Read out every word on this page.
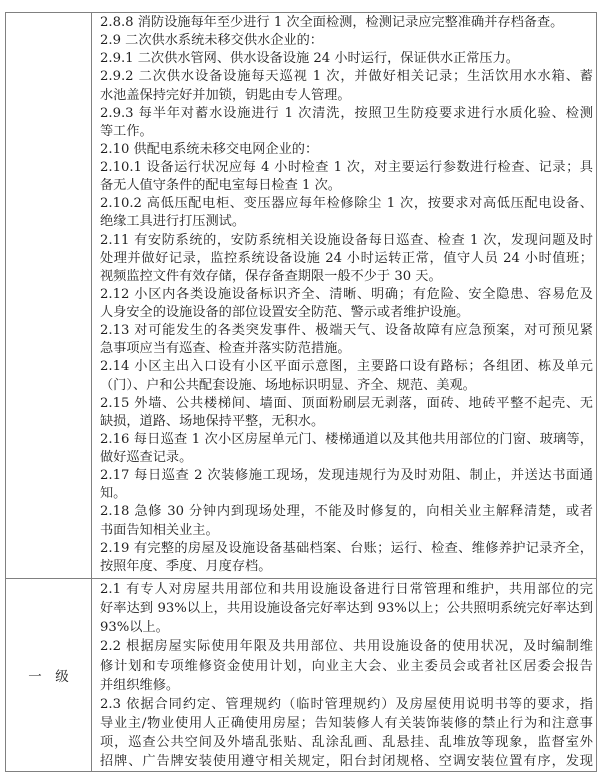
2.8.8 消防设施每年至少进行 1 次全面检测，检测记录应完整准确并存档备查。
2.9 二次供水系统未移交供水企业的：
2.9.1 二次供水管网、供水设备设施 24 小时运行，保证供水正常压力。
2.9.2 二次供水设备设施每天巡视 1 次，并做好相关记录；生活饮用水水箱、蓄
水池盖保持完好并加锁，钥匙由专人管理。
2.9.3 每半年对蓄水设施进行 1 次清洗，按照卫生防疫要求进行水质化验、检测
等工作。
2.10 供配电系统未移交电网企业的：
2.10.1 设备运行状况应每 4 小时检查 1 次，对主要运行参数进行检查、记录；具
备无人值守条件的配电室每日检查 1 次。
2.10.2 高低压配电柜、变压器应每年检修除尘 1 次，按要求对高低压配电设备、
绝缘工具进行打压测试。
2.11 有安防系统的，安防系统相关设施设备每日巡查、检查 1 次，发现问题及时
处理并做好记录，监控系统设备设施 24 小时运转正常，值守人员 24 小时值班；
视频监控文件有效存储，保存备查期限一般不少于 30 天。
2.12 小区内各类设施设备标识齐全、清晰、明确；有危险、安全隐患、容易危及
人身安全的设施设备的部位设置安全防范、警示或者维护设施。
2.13 对可能发生的各类突发事件、极端天气、设备故障有应急预案，对可预见紧
急事项应当有巡查、检查并落实防范措施。
2.14 小区主出入口设有小区平面示意图，主要路口设有路标；各组团、栋及单元
（门）、户和公共配套设施、场地标识明显、齐全、规范、美观。
2.15 外墙、公共楼梯间、墙面、顶面粉刷层无剥落，面砖、地砖平整不起壳、无
缺损，道路、场地保持平整，无积水。
2.16 每日巡查 1 次小区房屋单元门、楼梯通道以及其他共用部位的门窗、玻璃等，
做好巡查记录。
2.17 每日巡查 2 次装修施工现场，发现违规行为及时劝阻、制止，并送达书面通
知。
2.18 急修 30 分钟内到现场处理，不能及时修复的，向相关业主解释清楚，或者
书面告知相关业主。
2.19 有完整的房屋及设施设备基础档案、台账；运行、检查、维修养护记录齐全，
按照年度、季度、月度存档。
一　级
2.1 有专人对房屋共用部位和共用设施设备进行日常管理和维护，共用部位的完
好率达到 93%以上，共用设施设备完好率达到 93%以上；公共照明系统完好率达到
93%以上。
2.2 根据房屋实际使用年限及共用部位、共用设施设备的使用状况，及时编制维
修计划和专项维修资金使用计划，向业主大会、业主委员会或者社区居委会报告
并组织维修。
2.3 依据合同约定、管理规约（临时管理规约）及房屋使用说明书等的要求，指
导业主/物业使用人正确使用房屋；告知装修人有关装饰装修的禁止行为和注意事
项，巡查公共空间及外墙乱张贴、乱涂乱画、乱悬挂、乱堆放等现象，监督室外
招牌、广告牌安装使用遵守相关规定，阳台封闭规格、空调安装位置有序，发现
